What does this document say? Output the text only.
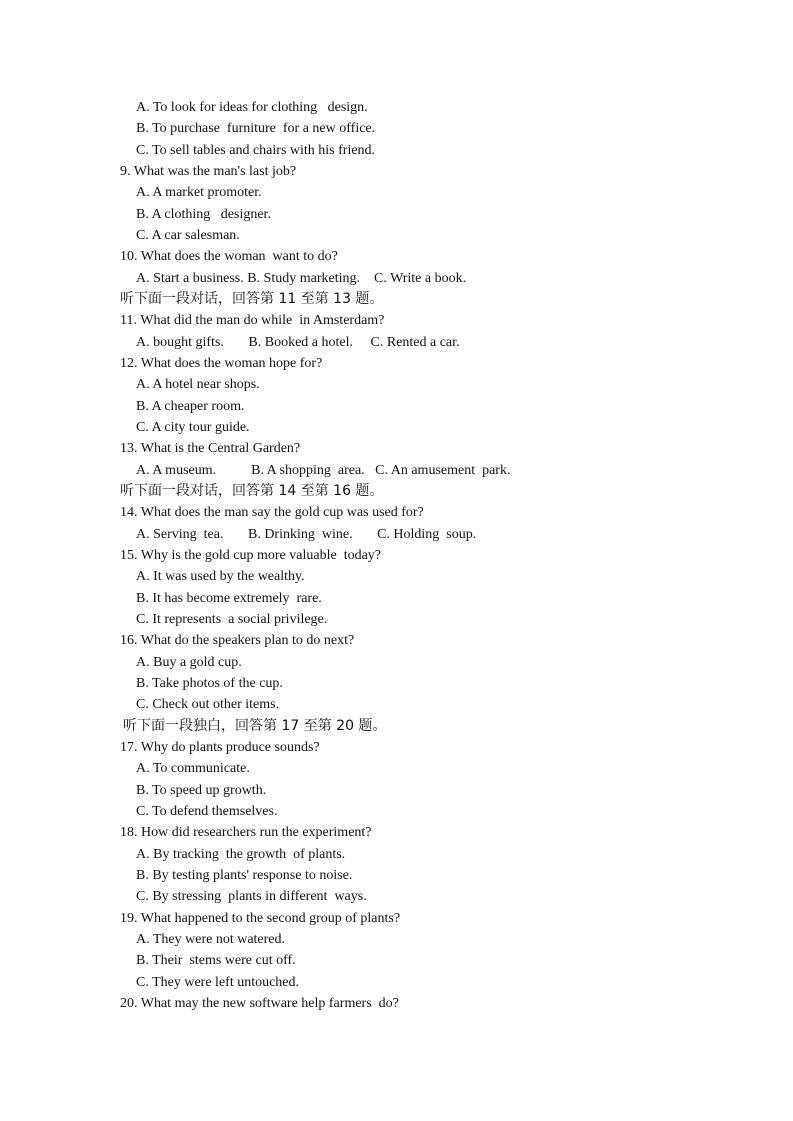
A. To look for ideas for clothing   design.
B. To purchase  furniture  for a new office.
C. To sell tables and chairs with his friend.
9. What was the man's last job?
A. A market promoter.
B. A clothing   designer.
C. A car salesman.
10. What does the woman  want to do?
A. Start a business. B. Study marketing.    C. Write a book.
听下面一段对话，回答第 11 至第 13 题。
11. What did the man do while  in Amsterdam?
A. bought gifts.       B. Booked a hotel.     C. Rented a car.
12. What does the woman hope for?
A. A hotel near shops.
B. A cheaper room.
C. A city tour guide.
13. What is the Central Garden?
A. A museum.          B. A shopping  area.   C. An amusement  park.
听下面一段对话，回答第 14 至第 16 题。
14. What does the man say the gold cup was used for?
A. Serving  tea.       B. Drinking  wine.       C. Holding  soup.
15. Why is the gold cup more valuable  today?
A. It was used by the wealthy.
B. It has become extremely  rare.
C. It represents  a social privilege.
16. What do the speakers plan to do next?
A. Buy a gold cup.
B. Take photos of the cup.
C. Check out other items.
听下面一段独白，回答第 17 至第 20 题。
17. Why do plants produce sounds?
A. To communicate.
B. To speed up growth.
C. To defend themselves.
18. How did researchers run the experiment?
A. By tracking  the growth  of plants.
B. By testing plants' response to noise.
C. By stressing  plants in different  ways.
19. What happened to the second group of plants?
A. They were not watered.
B. Their  stems were cut off.
C. They were left untouched.
20. What may the new software help farmers  do?
